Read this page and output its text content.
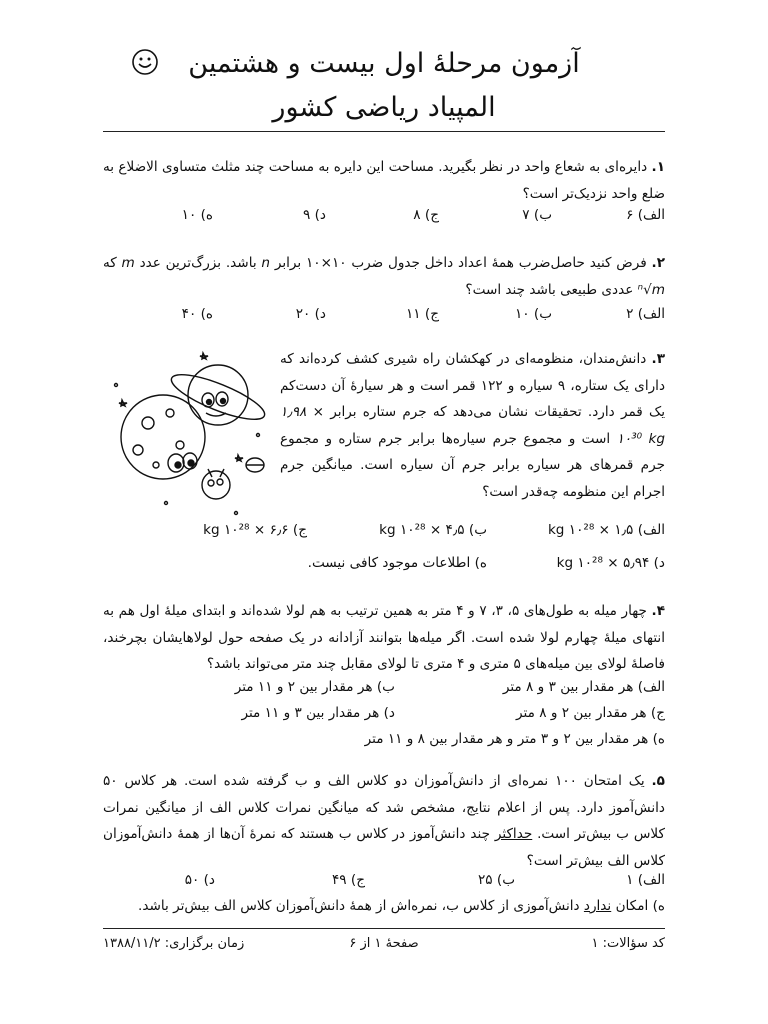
آزمون مرحلهٔ اول بیست و هشتمین
المپیاد ریاضی کشور

۱. دایره‌ای به شعاع واحد در نظر بگیرید. مساحت این دایره به مساحت چند مثلث متساوی الاضلاع به ضلع واحد نزدیک‌تر است؟

الف) ۶
ب) ۷
ج) ۸
د) ۹
ه) ۱۰

۲. فرض کنید حاصل‌ضرب همهٔ اعداد داخل جدول ضرب ۱۰×۱۰ برابر n باشد. بزرگ‌ترین عدد m که ⁿ√m عددی طبیعی باشد چند است؟

الف) ۲
ب) ۱۰
ج) ۱۱
د) ۲۰
ه) ۴۰

۳. دانش‌مندان، منظومه‌ای در کهکشان راه شیری کشف کرده‌اند که دارای یک ستاره، ۹ سیاره و ۱۲۲ قمر است و هر سیارهٔ آن دست‌کم یک قمر دارد. تحقیقات نشان می‌دهد که جرم ستاره برابر ۱٫۹۸ × ۱۰³⁰ kg است و مجموع جرم سیاره‌ها برابر جرم ستاره و مجموع جرم قمرهای هر سیاره برابر جرم آن سیاره است. میانگین جرم اجرام این منظومه چه‌قدر است؟

الف) ۱٫۵ × ۱۰²⁸ kg
ب) ۴٫۵ × ۱۰²⁸ kg
ج) ۶٫۶ × ۱۰²⁸ kg
د) ۵٫۹۴ × ۱۰²⁸ kg
ه) اطلاعات موجود کافی نیست.

۴. چهار میله به طول‌های ۵، ۳، ۷ و ۴ متر به همین ترتیب به هم لولا شده‌اند و ابتدای میلهٔ اول هم به انتهای میلهٔ چهارم لولا شده است. اگر میله‌ها بتوانند آزادانه در یک صفحه حول لولاهایشان بچرخند، فاصلهٔ لولای بین میله‌های ۵ متری و ۴ متری تا لولای مقابل چند متر می‌تواند باشد؟

الف) هر مقدار بین ۳ و ۸ متر
ب) هر مقدار بین ۲ و ۱۱ متر
ج) هر مقدار بین ۲ و ۸ متر
د) هر مقدار بین ۳ و ۱۱ متر
ه) هر مقدار بین ۲ و ۳ متر و هر مقدار بین ۸ و ۱۱ متر

۵. یک امتحان ۱۰۰ نمره‌ای از دانش‌آموزان دو کلاس الف و ب گرفته شده است. هر کلاس ۵۰ دانش‌آموز دارد. پس از اعلام نتایج، مشخص شد که میانگین نمرات کلاس الف از میانگین نمرات کلاس ب بیش‌تر است. حداکثر چند دانش‌آموز در کلاس ب هستند که نمرهٔ آن‌ها از همهٔ دانش‌آموزان کلاس الف بیش‌تر است؟

الف) ۱
ب) ۲۵
ج) ۴۹
د) ۵۰
ه) امکان ندارد دانش‌آموزی از کلاس ب، نمره‌اش از همهٔ دانش‌آموزان کلاس الف بیش‌تر باشد.
کد سؤالات: ۱
صفحهٔ ۱ از ۶
زمان برگزاری: ۱۳۸۸/۱۱/۲
